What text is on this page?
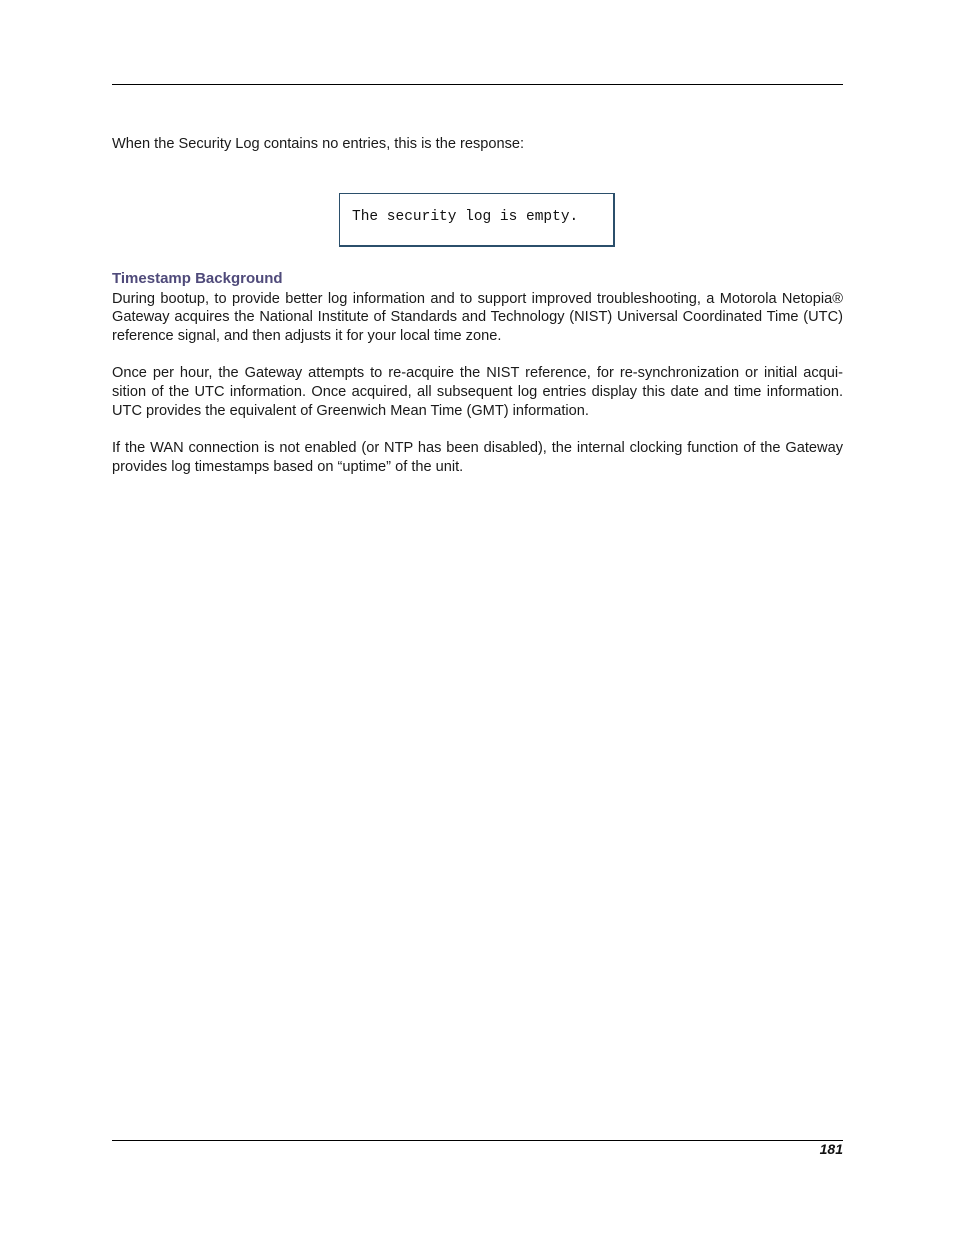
When the Security Log contains no entries, this is the response:

The security log is empty.
Timestamp Background

During bootup, to provide better log information and to support improved troubleshooting, a Motorola Netopia® Gateway acquires the National Institute of Standards and Technology (NIST) Universal Coordinated Time (UTC) reference signal, and then adjusts it for your local time zone.

Once per hour, the Gateway attempts to re-acquire the NIST reference, for re-synchronization or initial acquisition of the UTC information. Once acquired, all subsequent log entries display this date and time information. UTC provides the equivalent of Greenwich Mean Time (GMT) information.

If the WAN connection is not enabled (or NTP has been disabled), the internal clocking function of the Gateway provides log timestamps based on “uptime” of the unit.

181
